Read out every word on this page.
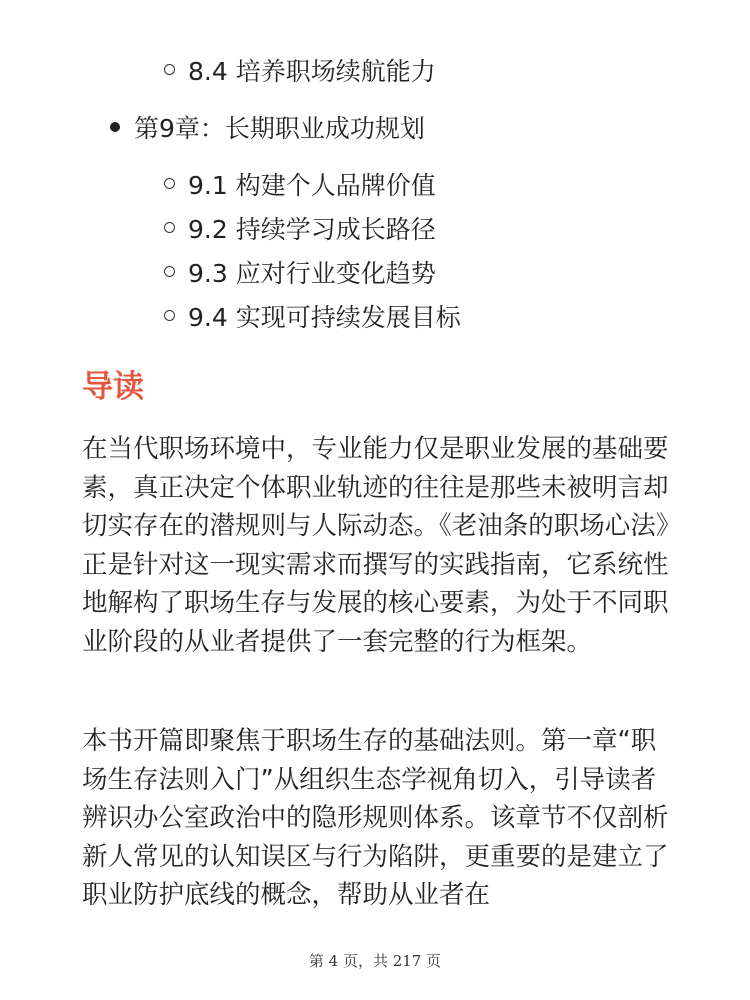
8.4 培养职场续航能力
第9章：长期职业成功规划
9.1 构建个人品牌价值
9.2 持续学习成长路径
9.3 应对行业变化趋势
9.4 实现可持续发展目标
导读

在当代职场环境中，专业能力仅是职业发展的基础要素，真正决定个体职业轨迹的往往是那些未被明言却切实存在的潜规则与人际动态。《老油条的职场心法》正是针对这一现实需求而撰写的实践指南，它系统性地解构了职场生存与发展的核心要素，为处于不同职业阶段的从业者提供了一套完整的行为框架。

本书开篇即聚焦于职场生存的基础法则。第一章“职场生存法则入门”从组织生态学视角切入，引导读者辨识办公室政治中的隐形规则体系。该章节不仅剖析新人常见的认知误区与行为陷阱，更重要的是建立了职业防护底线的概念，帮助从业者在

第 4 页，共 217 页
